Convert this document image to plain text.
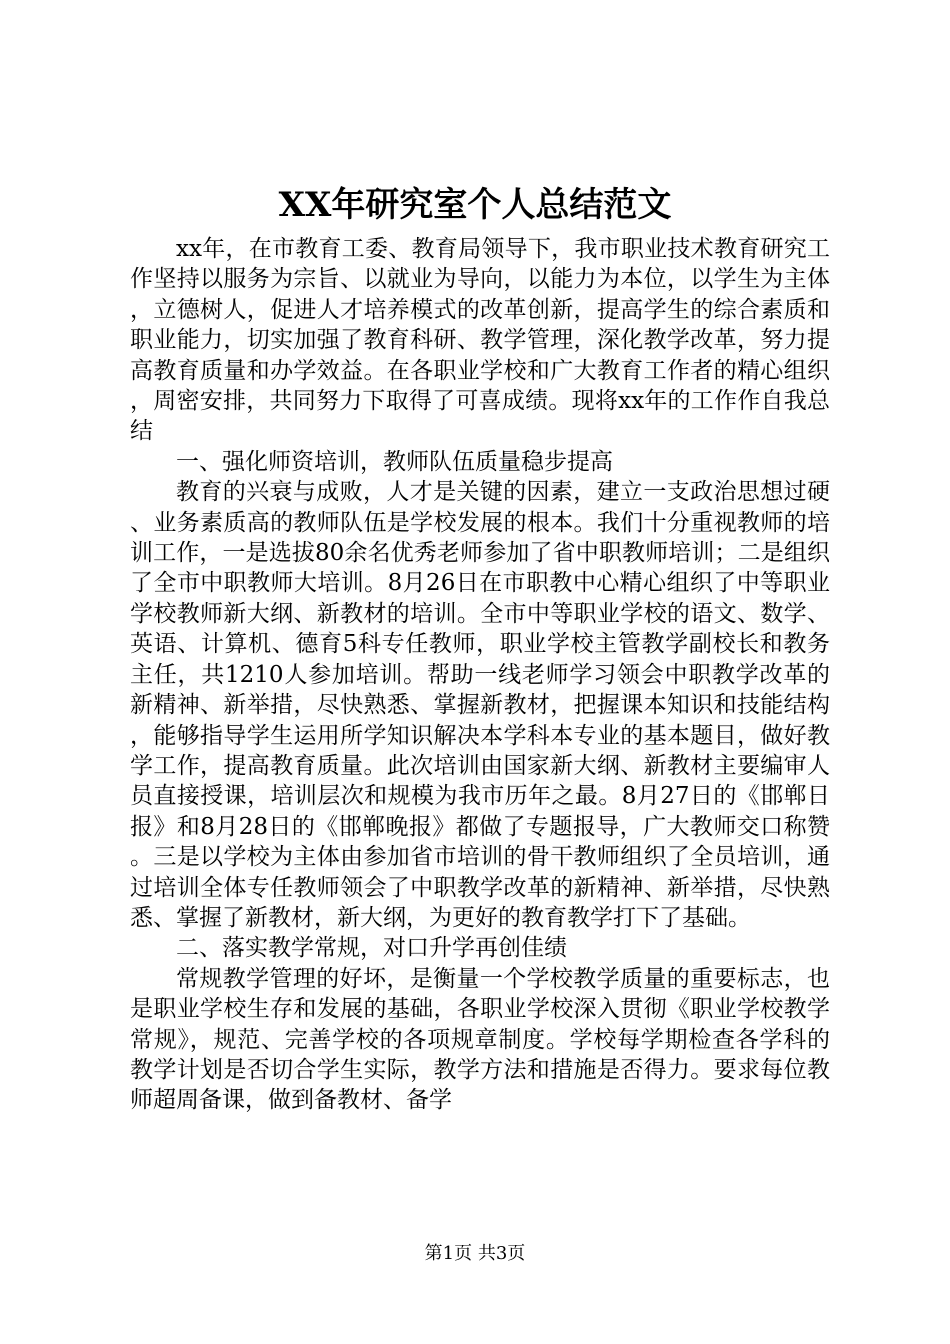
XX年研究室个人总结范文

xx年，在市教育工委、教育局领导下，我市职业技术教育研究工作坚持以服务为宗旨、以就业为导向，以能力为本位，以学生为主体，立德树人，促进人才培养模式的改革创新，提高学生的综合素质和职业能力，切实加强了教育科研、教学管理，深化教学改革，努力提高教育质量和办学效益。在各职业学校和广大教育工作者的精心组织，周密安排，共同努力下取得了可喜成绩。现将xx年的工作作自我总结

一、强化师资培训，教师队伍质量稳步提高

教育的兴衰与成败，人才是关键的因素，建立一支政治思想过硬、业务素质高的教师队伍是学校发展的根本。我们十分重视教师的培训工作，一是选拔80余名优秀老师参加了省中职教师培训；二是组织了全市中职教师大培训。8月26日在市职教中心精心组织了中等职业学校教师新大纲、新教材的培训。全市中等职业学校的语文、数学、英语、计算机、德育5科专任教师，职业学校主管教学副校长和教务主任，共1210人参加培训。帮助一线老师学习领会中职教学改革的新精神、新举措，尽快熟悉、掌握新教材，把握课本知识和技能结构，能够指导学生运用所学知识解决本学科本专业的基本题目，做好教学工作，提高教育质量。此次培训由国家新大纲、新教材主要编审人员直接授课，培训层次和规模为我市历年之最。8月27日的《邯郸日报》和8月28日的《邯郸晚报》都做了专题报导，广大教师交口称赞。三是以学校为主体由参加省市培训的骨干教师组织了全员培训，通过培训全体专任教师领会了中职教学改革的新精神、新举措，尽快熟悉、掌握了新教材，新大纲，为更好的教育教学打下了基础。

二、落实教学常规，对口升学再创佳绩

常规教学管理的好坏，是衡量一个学校教学质量的重要标志，也是职业学校生存和发展的基础，各职业学校深入贯彻《职业学校教学常规》，规范、完善学校的各项规章制度。学校每学期检查各学科的教学计划是否切合学生实际，教学方法和措施是否得力。要求每位教师超周备课，做到备教材、备学

第1页 共3页
